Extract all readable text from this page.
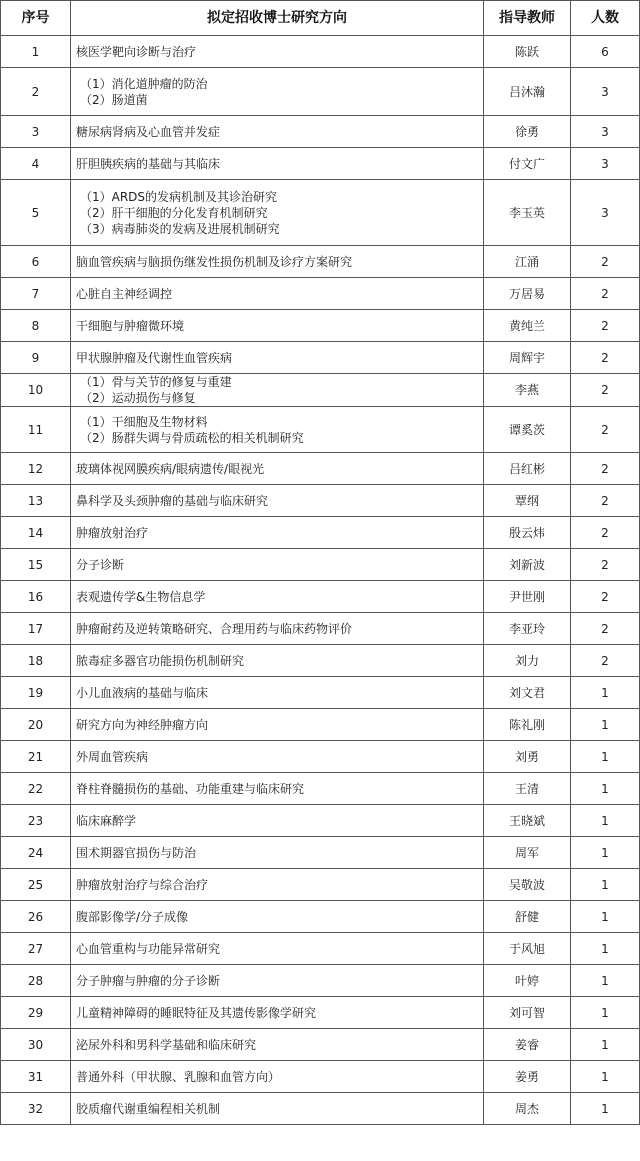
序号	拟定招收博士研究方向	指导教师	人数
1	核医学靶向诊断与治疗	陈跃	6
2	（1）消化道肿瘤的防治
（2）肠道菌	吕沐瀚	3
3	糖尿病肾病及心血管并发症	徐勇	3
4	肝胆胰疾病的基础与其临床	付文广	3
5	（1）ARDS的发病机制及其诊治研究
（2）肝干细胞的分化发育机制研究
（3）病毒肺炎的发病及进展机制研究	李玉英	3
6	脑血管疾病与脑损伤继发性损伤机制及诊疗方案研究	江涌	2
7	心脏自主神经调控	万居易	2
8	干细胞与肿瘤微环境	黄纯兰	2
9	甲状腺肿瘤及代谢性血管疾病	周辉宇	2
10	（1）骨与关节的修复与重建
（2）运动损伤与修复	李燕	2
11	（1）干细胞及生物材料
（2）肠群失调与骨质疏松的相关机制研究	谭奚茨	2
12	玻璃体视网膜疾病/眼病遗传/眼视光	吕红彬	2
13	鼻科学及头颈肿瘤的基础与临床研究	覃纲	2
14	肿瘤放射治疗	殷云炜	2
15	分子诊断	刘新波	2
16	表观遗传学&生物信息学	尹世刚	2
17	肿瘤耐药及逆转策略研究、合理用药与临床药物评价	李亚玲	2
18	脓毒症多器官功能损伤机制研究	刘力	2
19	小儿血液病的基础与临床	刘文君	1
20	研究方向为神经肿瘤方向	陈礼刚	1
21	外周血管疾病	刘勇	1
22	脊柱脊髓损伤的基础、功能重建与临床研究	王清	1
23	临床麻醉学	王晓斌	1
24	围术期器官损伤与防治	周军	1
25	肿瘤放射治疗与综合治疗	吴敬波	1
26	腹部影像学/分子成像	舒健	1
27	心血管重构与功能异常研究	于风旭	1
28	分子肿瘤与肿瘤的分子诊断	叶婷	1
29	儿童精神障碍的睡眠特征及其遗传影像学研究	刘可智	1
30	泌尿外科和男科学基础和临床研究	姜睿	1
31	普通外科（甲状腺、乳腺和血管方向）	姜勇	1
32	胶质瘤代谢重编程相关机制	周杰	1
